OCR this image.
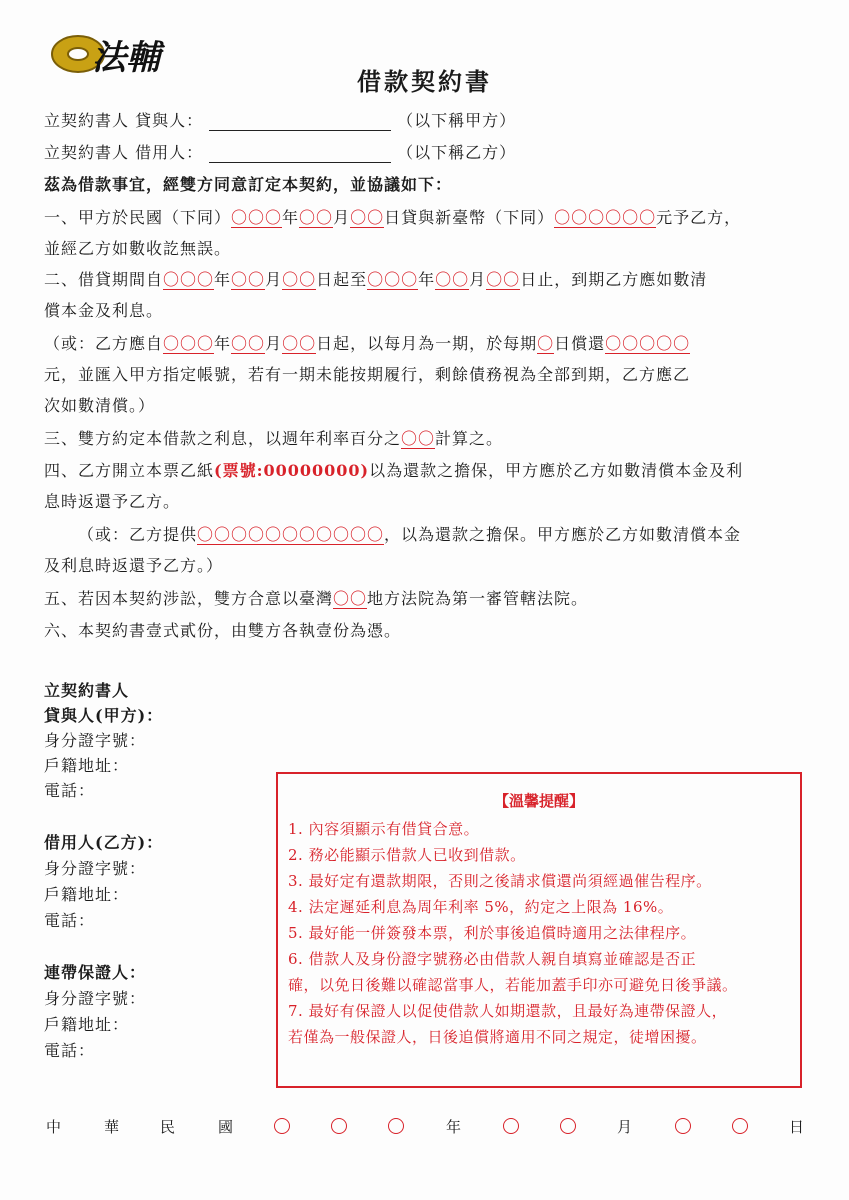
法輔
借款契約書
立契約書人 貸與人：	（以下稱甲方）
立契約書人 借用人：	（以下稱乙方）
茲為借款事宜，經雙方同意訂定本契約，並協議如下：
一、甲方於民國（下同）〇〇〇年〇〇月〇〇日貸與新臺幣（下同）〇〇〇〇〇〇元予乙方，
並經乙方如數收訖無誤。
二、借貸期間自〇〇〇年〇〇月〇〇日起至〇〇〇年〇〇月〇〇日止，到期乙方應如數清
償本金及利息。
（或：乙方應自〇〇〇年〇〇月〇〇日起，以每月為一期，於每期〇日償還〇〇〇〇〇
元，並匯入甲方指定帳號，若有一期未能按期履行，剩餘債務視為全部到期，乙方應乙
次如數清償。）
三、雙方約定本借款之利息，以週年利率百分之〇〇計算之。
四、乙方開立本票乙紙(票號:00000000)以為還款之擔保，甲方應於乙方如數清償本金及利
息時返還予乙方。
（或：乙方提供〇〇〇〇〇〇〇〇〇〇〇，以為還款之擔保。甲方應於乙方如數清償本金
及利息時返還予乙方。）
五、若因本契約涉訟，雙方合意以臺灣〇〇地方法院為第一審管轄法院。
六、本契約書壹式貳份，由雙方各執壹份為憑。
立契約書人
貸與人(甲方)：
身分證字號：
戶籍地址：
電話：
借用人(乙方)：
身分證字號：
戶籍地址：
電話：
連帶保證人：
身分證字號：
戶籍地址：
電話：
【溫馨提醒】
1. 內容須顯示有借貸合意。
2. 務必能顯示借款人已收到借款。
3. 最好定有還款期限，否則之後請求償還尚須經過催告程序。
4. 法定遲延利息為周年利率 5%，約定之上限為 16%。
5. 最好能一併簽發本票，利於事後追償時適用之法律程序。
6. 借款人及身份證字號務必由借款人親自填寫並確認是否正
確，以免日後難以確認當事人，若能加蓋手印亦可避免日後爭議。
7. 最好有保證人以促使借款人如期還款，且最好為連帶保證人，
若僅為一般保證人，日後追償將適用不同之規定，徒增困擾。
中	華	民	國	年	月	日
